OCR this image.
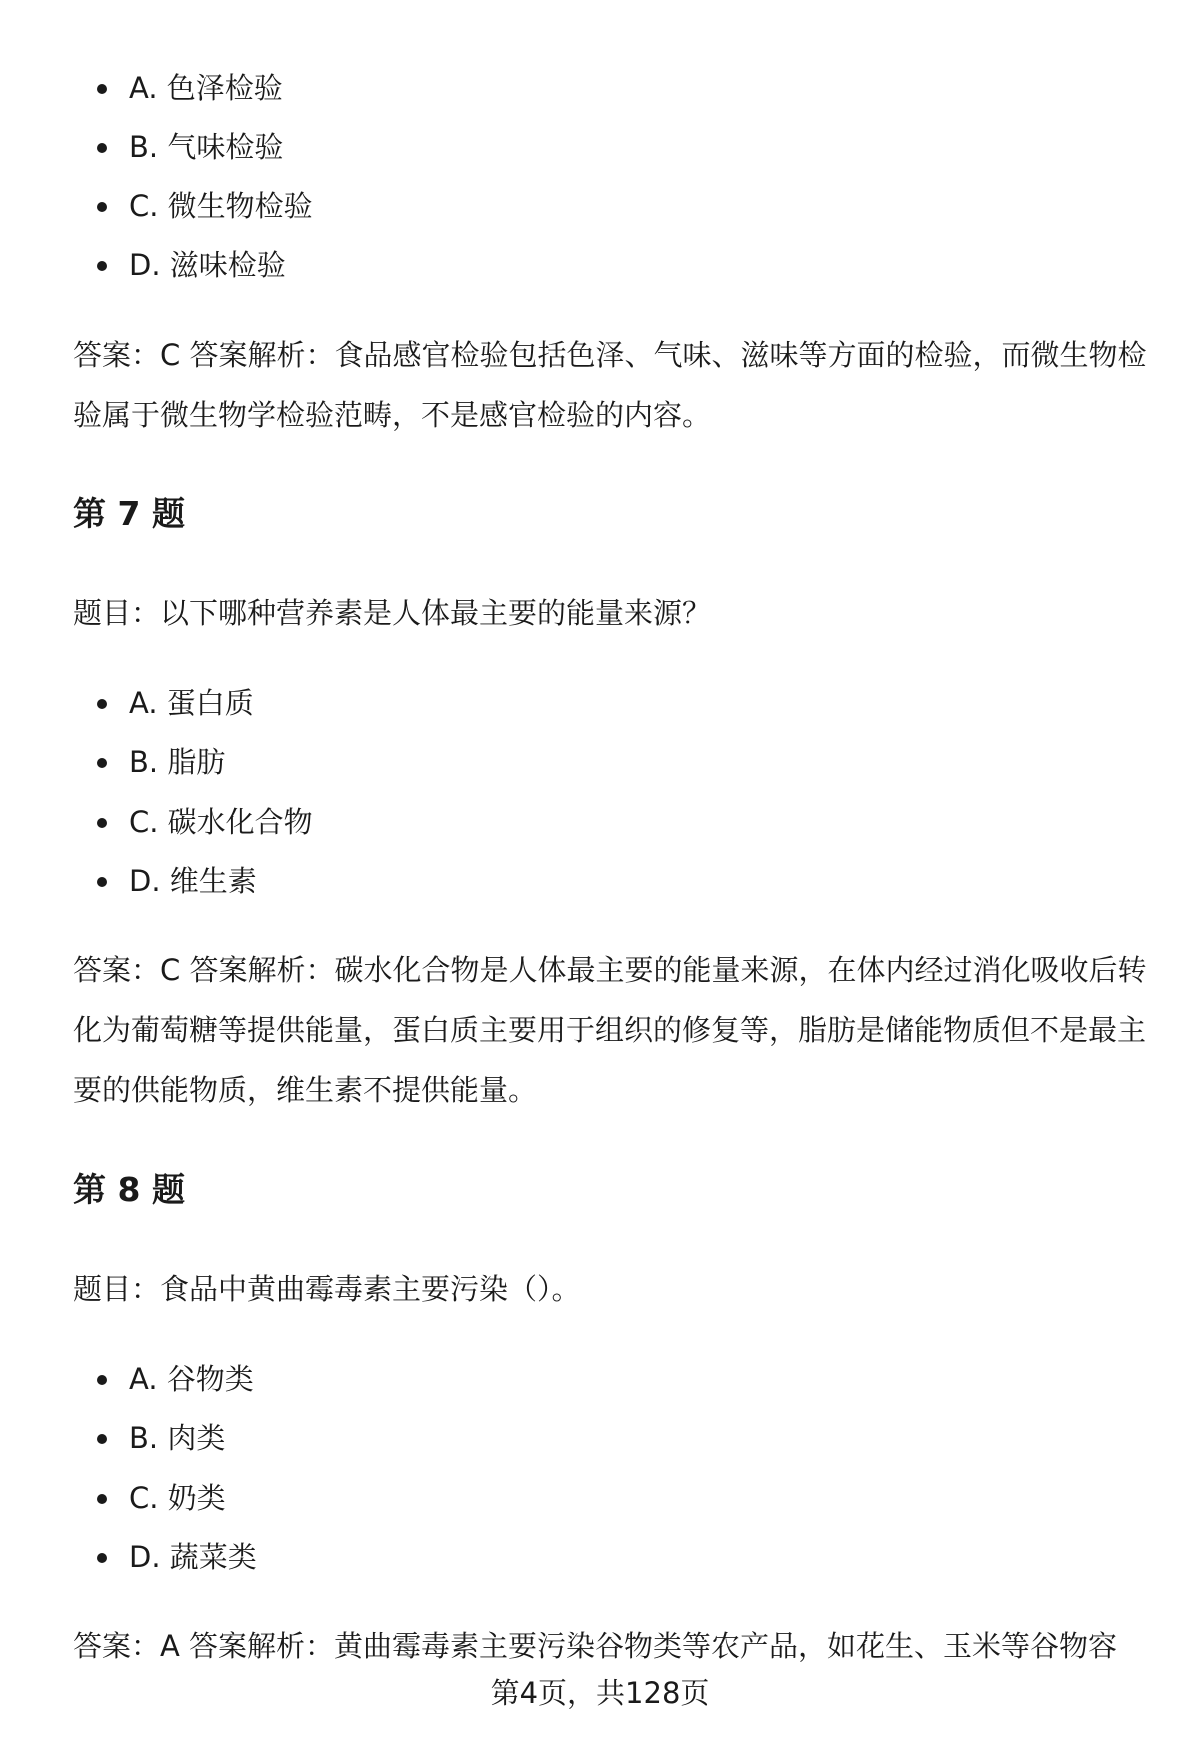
A. 色泽检验
B. 气味检验
C. 微生物检验
D. 滋味检验

答案：C 答案解析：食品感官检验包括色泽、气味、滋味等方面的检验，而微生物检验属于微生物学检验范畴，不是感官检验的内容。

第 7 题

题目：以下哪种营养素是人体最主要的能量来源？

A. 蛋白质
B. 脂肪
C. 碳水化合物
D. 维生素

答案：C 答案解析：碳水化合物是人体最主要的能量来源，在体内经过消化吸收后转化为葡萄糖等提供能量，蛋白质主要用于组织的修复等，脂肪是储能物质但不是最主要的供能物质，维生素不提供能量。

第 8 题

题目：食品中黄曲霉毒素主要污染（）。

A. 谷物类
B. 肉类
C. 奶类
D. 蔬菜类

答案：A 答案解析：黄曲霉毒素主要污染谷物类等农产品，如花生、玉米等谷物容

第4页，共128页
